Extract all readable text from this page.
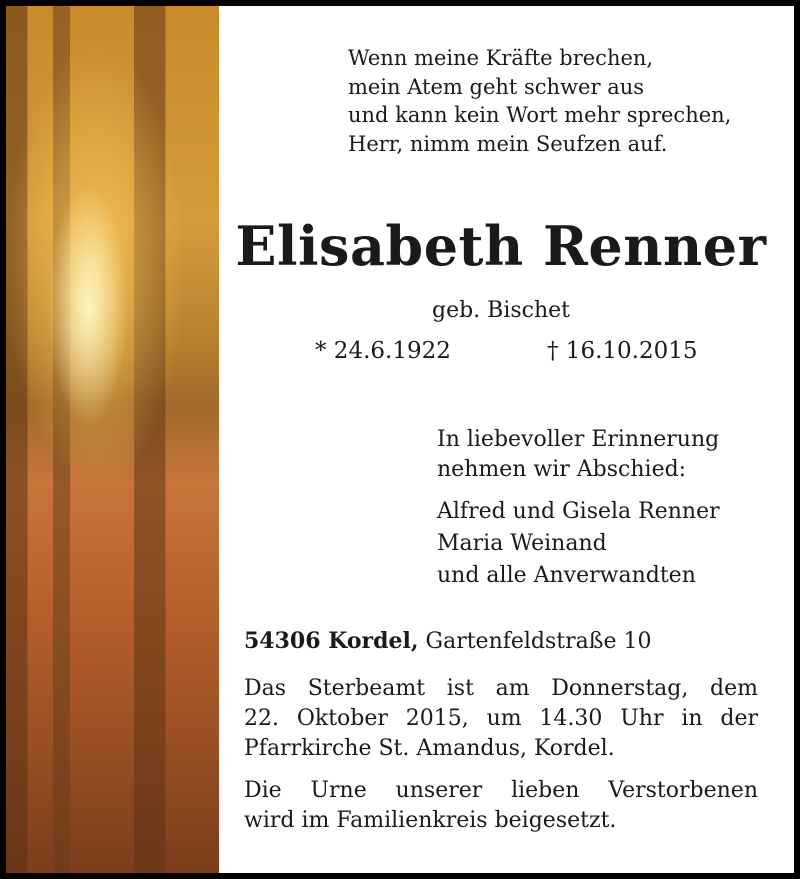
Wenn meine Kräfte brechen,
mein Atem geht schwer aus
und kann kein Wort mehr sprechen,
Herr, nimm mein Seufzen auf.
Elisabeth Renner
geb. Bischet
* 24.6.1922	† 16.10.2015
In liebevoller Erinnerung
nehmen wir Abschied:
Alfred und Gisela Renner
Maria Weinand
und alle Anverwandten
54306 Kordel, Gartenfeldstraße 10
Das Sterbeamt ist am Donnerstag, dem
22. Oktober 2015, um 14.30 Uhr in der
Pfarrkirche St. Amandus, Kordel.
Die Urne unserer lieben Verstorbenen
wird im Familienkreis beigesetzt.
